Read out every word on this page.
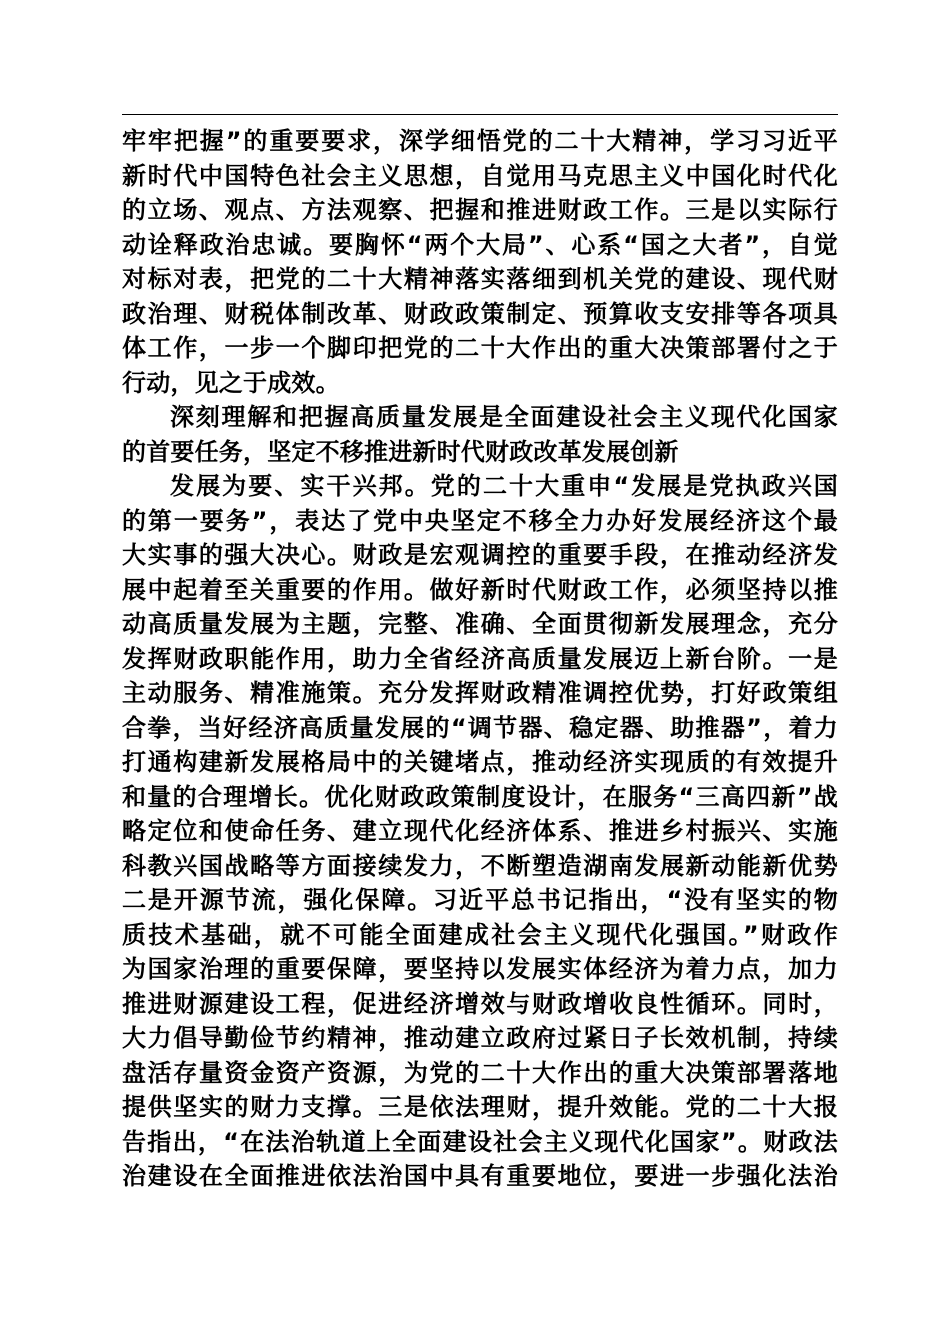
牢牢把握”的重要要求，深学细悟党的二十大精神，学习习近平
新时代中国特色社会主义思想，自觉用马克思主义中国化时代化
的立场、观点、方法观察、把握和推进财政工作。三是以实际行
动诠释政治忠诚。要胸怀“两个大局”、心系“国之大者”，自觉
对标对表，把党的二十大精神落实落细到机关党的建设、现代财
政治理、财税体制改革、财政政策制定、预算收支安排等各项具
体工作，一步一个脚印把党的二十大作出的重大决策部署付之于
行动，见之于成效。
深刻理解和把握高质量发展是全面建设社会主义现代化国家
的首要任务，坚定不移推进新时代财政改革发展创新
发展为要、实干兴邦。党的二十大重申“发展是党执政兴国
的第一要务”，表达了党中央坚定不移全力办好发展经济这个最
大实事的强大决心。财政是宏观调控的重要手段，在推动经济发
展中起着至关重要的作用。做好新时代财政工作，必须坚持以推
动高质量发展为主题，完整、准确、全面贯彻新发展理念，充分
发挥财政职能作用，助力全省经济高质量发展迈上新台阶。一是
主动服务、精准施策。充分发挥财政精准调控优势，打好政策组
合拳，当好经济高质量发展的“调节器、稳定器、助推器”，着力
打通构建新发展格局中的关键堵点，推动经济实现质的有效提升
和量的合理增长。优化财政政策制度设计，在服务“三高四新”战
略定位和使命任务、建立现代化经济体系、推进乡村振兴、实施
科教兴国战略等方面接续发力，不断塑造湖南发展新动能新优势
二是开源节流，强化保障。习近平总书记指出，“没有坚实的物
质技术基础，就不可能全面建成社会主义现代化强国。”财政作
为国家治理的重要保障，要坚持以发展实体经济为着力点，加力
推进财源建设工程，促进经济增效与财政增收良性循环。同时，
大力倡导勤俭节约精神，推动建立政府过紧日子长效机制，持续
盘活存量资金资产资源，为党的二十大作出的重大决策部署落地
提供坚实的财力支撑。三是依法理财，提升效能。党的二十大报
告指出，“在法治轨道上全面建设社会主义现代化国家”。财政法
治建设在全面推进依法治国中具有重要地位，要进一步强化法治
